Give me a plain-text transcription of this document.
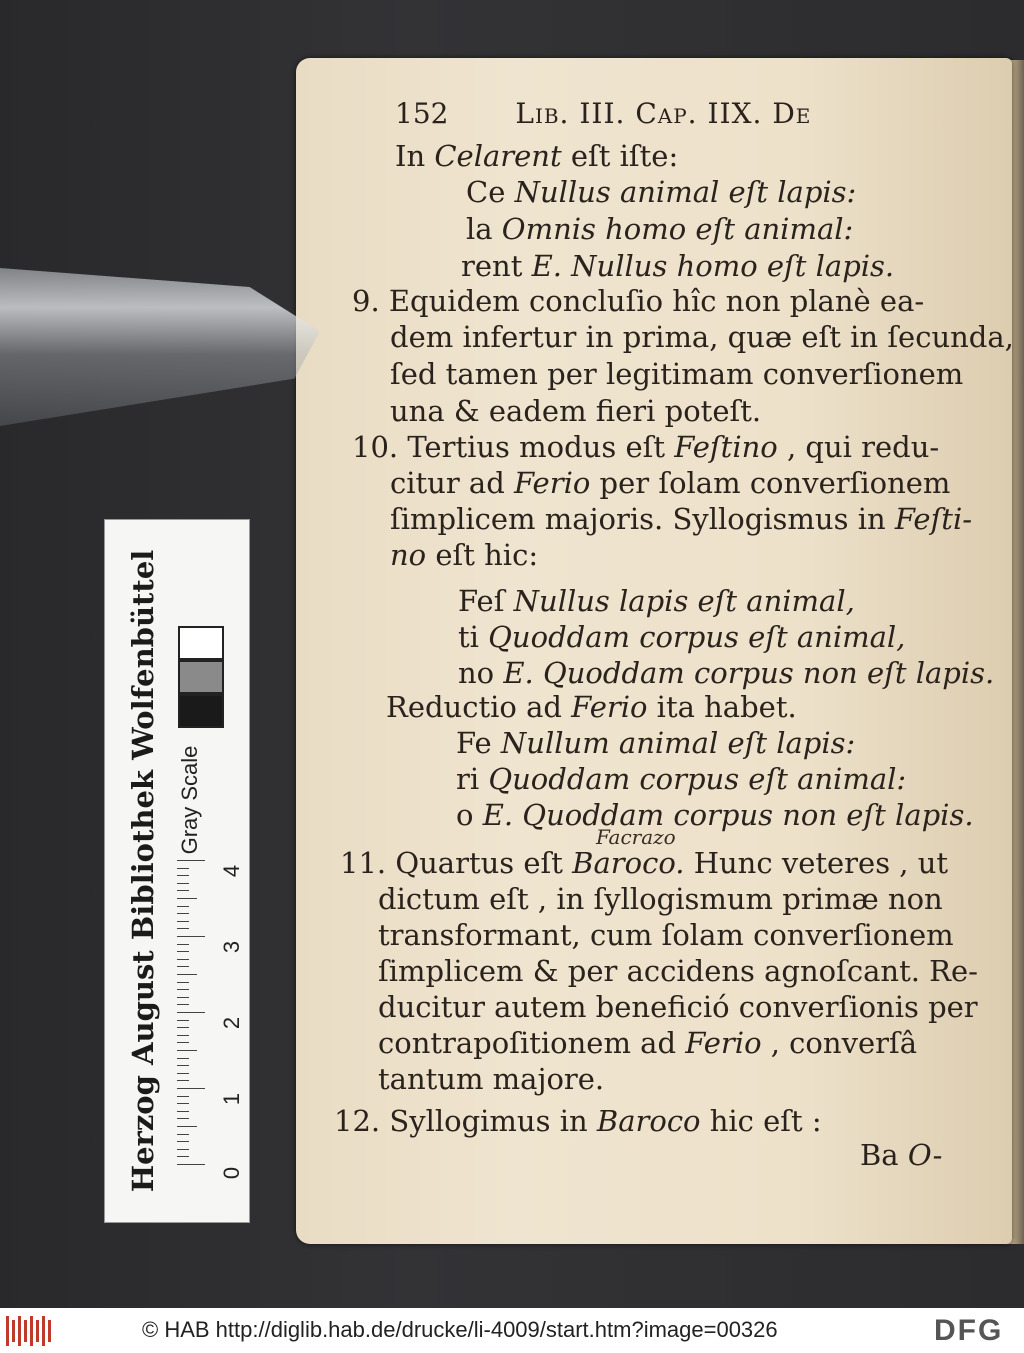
152 Lib. III. Cap. IIX. De
In Celarent eſt iſte:
Ce Nullus animal eſt lapis:
la Omnis homo eſt animal:
rent E. Nullus homo eſt lapis.
9. Equidem concluſio hîc non planè ea-
dem infertur in prima, quæ eſt in ſecunda,
ſed tamen per legitimam converſionem
una & eadem fieri poteſt.
10. Tertius modus eſt Feſtino , qui redu-
citur ad Ferio per ſolam converſionem
ſimplicem majoris. Syllogismus in Feſti-
no eſt hic:
Feſ Nullus lapis eſt animal,
ti Quoddam corpus eſt animal,
no E. Quoddam corpus non eſt lapis.
Reductio ad Ferio ita habet.
Fe Nullum animal eſt lapis:
ri Quoddam corpus eſt animal:
o E. Quoddam corpus non eſt lapis.
11. Quartus eſt Baroco. Hunc veteres , ut
dictum eſt , in ſyllogismum primæ non
transformant, cum ſolam converſionem
ſimplicem & per accidens agnoſcant. Re-
ducitur autem benefició converſionis per
contrapoſitionem ad Ferio , converſâ
tantum majore.
12. Syllogimus in Baroco hic eſt :
Ba O-
Facrazo
Herzog August Bibliothek Wolfenbüttel Gray Scale
4
3
2
1
0
© HAB http://diglib.hab.de/drucke/li-4009/start.htm?image=00326	DFG
